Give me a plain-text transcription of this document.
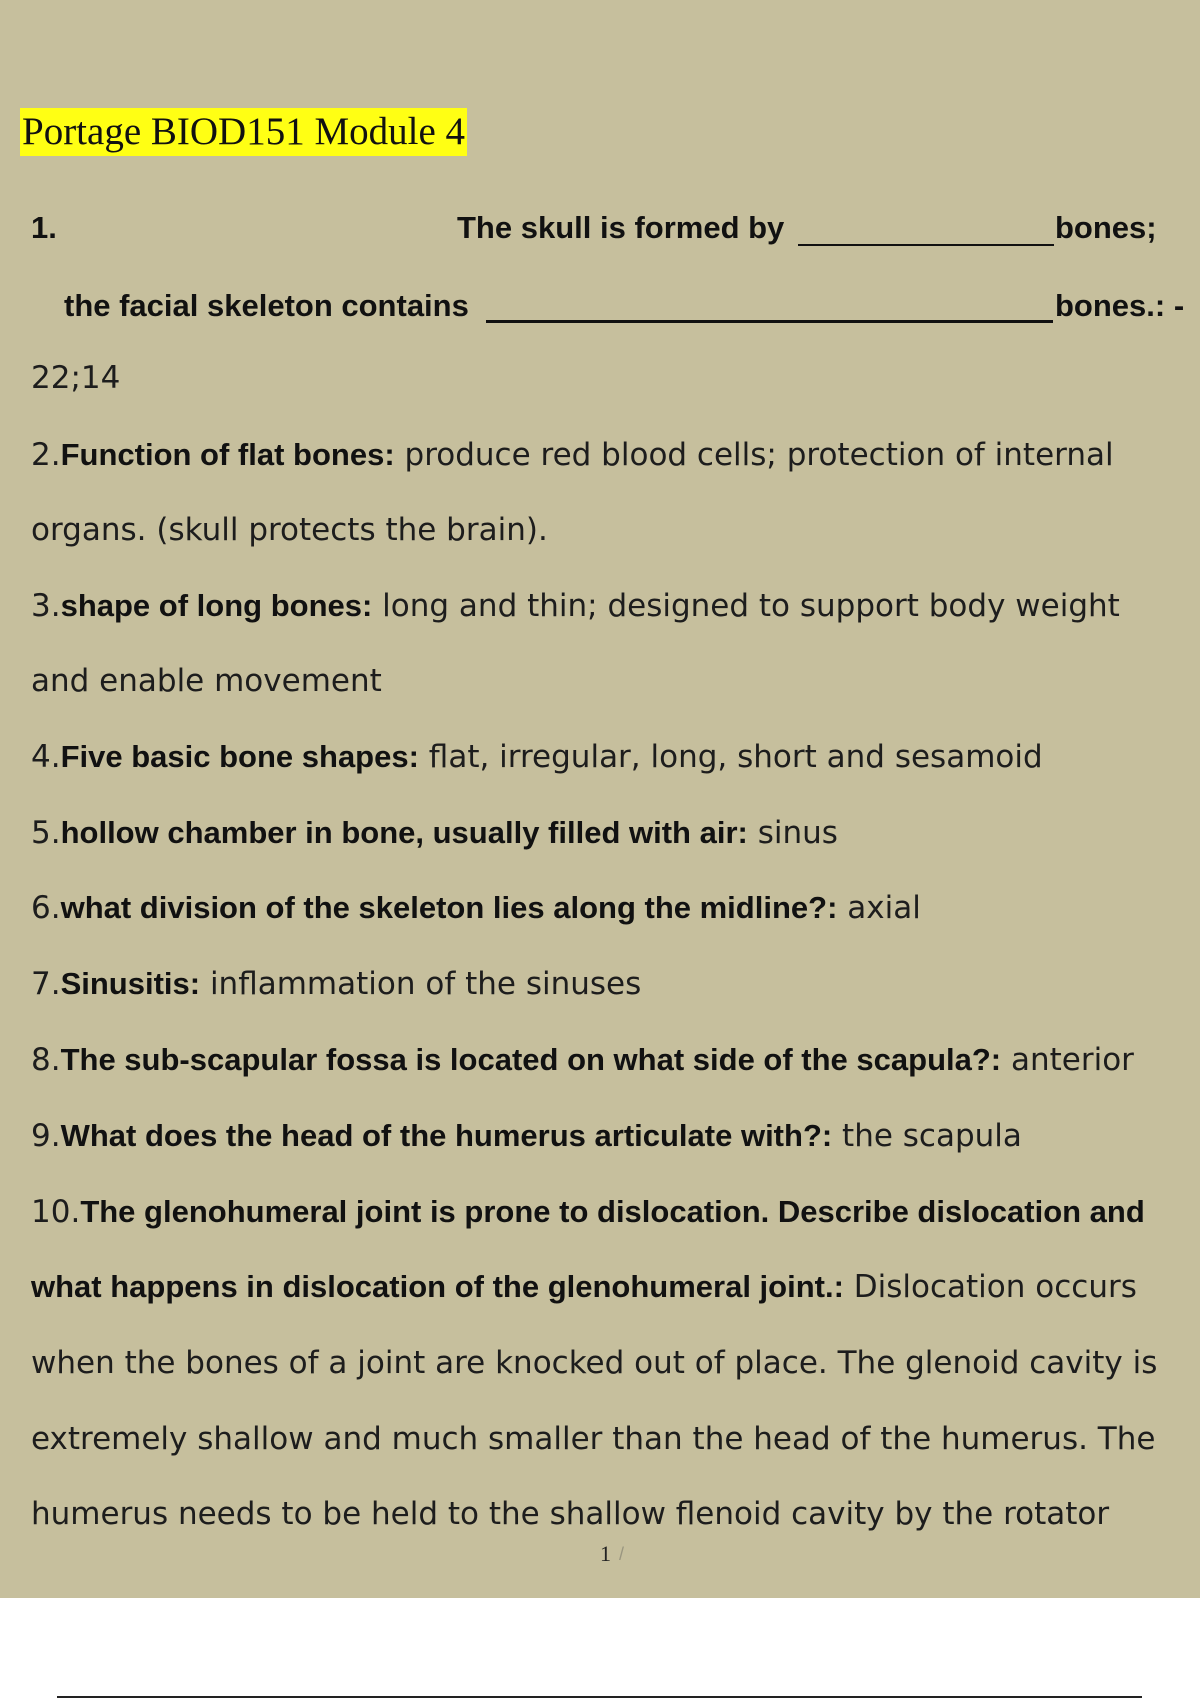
Portage BIOD151 Module 4
1.	The skull is formed by	bones;
the facial skeleton contains	bones.: -
22;14
2.Function of flat bones: produce red blood cells; protection of internal
organs. (skull protects the brain).
3.shape of long bones: long and thin; designed to support body weight
and enable movement
4.Five basic bone shapes: flat, irregular, long, short and sesamoid
5.hollow chamber in bone, usually filled with air: sinus
6.what division of the skeleton lies along the midline?: axial
7.Sinusitis: inflammation of the sinuses
8.The sub-scapular fossa is located on what side of the scapula?: anterior
9.What does the head of the humerus articulate with?: the scapula
10.The glenohumeral joint is prone to dislocation. Describe dislocation and
what happens in dislocation of the glenohumeral joint.: Dislocation occurs
when the bones of a joint are knocked out of place. The glenoid cavity is
extremely shallow and much smaller than the head of the humerus. The
humerus needs to be held to the shallow flenoid cavity by the rotator
1 /
